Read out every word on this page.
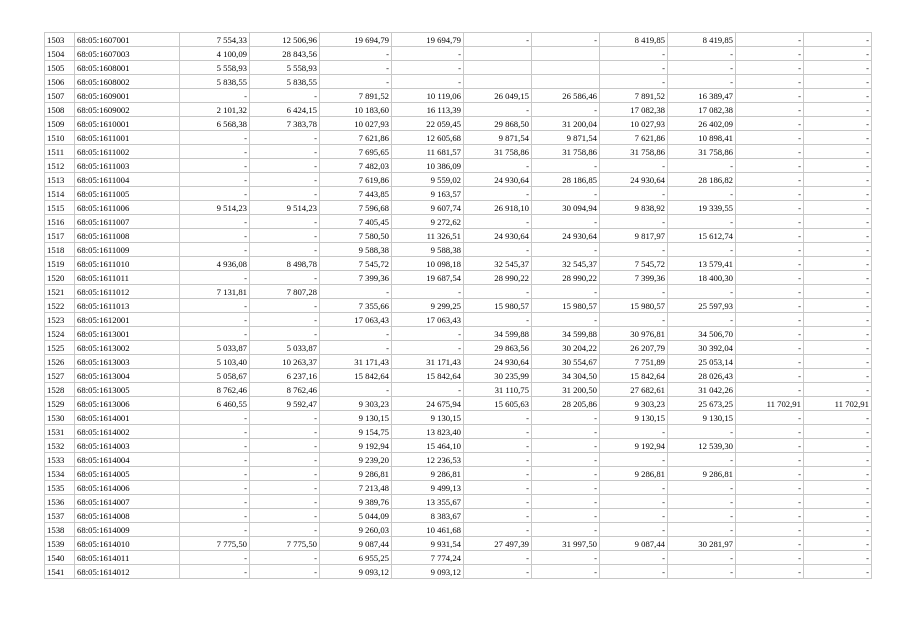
1503	68:05:1607001	7 554,33	12 506,96	19 694,79	19 694,79	-	-	8 419,85	8 419,85	-	-
1504	68:05:1607003	4 100,09	28 843,56	-	-			-	-	-	-
1505	68:05:1608001	5 558,93	5 558,93	-	-			-	-	-	-
1506	68:05:1608002	5 838,55	5 838,55	-	-			-	-	-	-
1507	68:05:1609001	-	-	7 891,52	10 119,06	26 049,15	26 586,46	7 891,52	16 389,47	-	-
1508	68:05:1609002	2 101,32	6 424,15	10 183,60	16 113,39	-	-	17 082,38	17 082,38	-	-
1509	68:05:1610001	6 568,38	7 383,78	10 027,93	22 059,45	29 868,50	31 200,04	10 027,93	26 402,09	-	-
1510	68:05:1611001	-	-	7 621,86	12 605,68	9 871,54	9 871,54	7 621,86	10 898,41	-	-
1511	68:05:1611002	-	-	7 695,65	11 681,57	31 758,86	31 758,86	31 758,86	31 758,86	-	-
1512	68:05:1611003	-	-	7 482,03	10 386,09	-	-	-	-	-	-
1513	68:05:1611004	-	-	7 619,86	9 559,02	24 930,64	28 186,85	24 930,64	28 186,82	-	-
1514	68:05:1611005	-	-	7 443,85	9 163,57	-	-	-	-	-	-
1515	68:05:1611006	9 514,23	9 514,23	7 596,68	9 607,74	26 918,10	30 094,94	9 838,92	19 339,55	-	-
1516	68:05:1611007	-	-	7 405,45	9 272,62	-	-	-	-	-	-
1517	68:05:1611008	-	-	7 580,50	11 326,51	24 930,64	24 930,64	9 817,97	15 612,74	-	-
1518	68:05:1611009	-	-	9 588,38	9 588,38	-	-	-	-	-	-
1519	68:05:1611010	4 936,08	8 498,78	7 545,72	10 098,18	32 545,37	32 545,37	7 545,72	13 579,41	-	-
1520	68:05:1611011	-	-	7 399,36	19 687,54	28 990,22	28 990,22	7 399,36	18 400,30	-	-
1521	68:05:1611012	7 131,81	7 807,28	-	-	-	-	-	-	-	-
1522	68:05:1611013	-	-	7 355,66	9 299,25	15 980,57	15 980,57	15 980,57	25 597,93	-	-
1523	68:05:1612001	-	-	17 063,43	17 063,43	-	-	-	-	-	-
1524	68:05:1613001	-	-	-	-	34 599,88	34 599,88	30 976,81	34 506,70	-	-
1525	68:05:1613002	5 033,87	5 033,87	-	-	29 863,56	30 204,22	26 207,79	30 392,04	-	-
1526	68:05:1613003	5 103,40	10 263,37	31 171,43	31 171,43	24 930,64	30 554,67	7 751,89	25 053,14	-	-
1527	68:05:1613004	5 058,67	6 237,16	15 842,64	15 842,64	30 235,99	34 304,50	15 842,64	28 026,43	-	-
1528	68:05:1613005	8 762,46	8 762,46	-	-	31 110,75	31 200,50	27 682,61	31 042,26	-	-
1529	68:05:1613006	6 460,55	9 592,47	9 303,23	24 675,94	15 605,63	28 205,86	9 303,23	25 673,25	11 702,91	11 702,91
1530	68:05:1614001	-	-	9 130,15	9 130,15	-	-	9 130,15	9 130,15	-	-
1531	68:05:1614002	-	-	9 154,75	13 823,40	-	-	-	-	-	-
1532	68:05:1614003	-	-	9 192,94	15 464,10	-	-	9 192,94	12 539,30	-	-
1533	68:05:1614004	-	-	9 239,20	12 236,53	-	-	-	-	-	-
1534	68:05:1614005	-	-	9 286,81	9 286,81	-	-	9 286,81	9 286,81	-	-
1535	68:05:1614006	-	-	7 213,48	9 499,13	-	-	-	-	-	-
1536	68:05:1614007	-	-	9 389,76	13 355,67	-	-	-	-	-	-
1537	68:05:1614008	-	-	5 044,09	8 383,67	-	-	-	-	-	-
1538	68:05:1614009	-	-	9 260,03	10 461,68	-	-	-	-	-	-
1539	68:05:1614010	7 775,50	7 775,50	9 087,44	9 931,54	27 497,39	31 997,50	9 087,44	30 281,97	-	-
1540	68:05:1614011	-	-	6 955,25	7 774,24	-	-	-	-	-	-
1541	68:05:1614012	-	-	9 093,12	9 093,12	-	-	-	-	-	-
